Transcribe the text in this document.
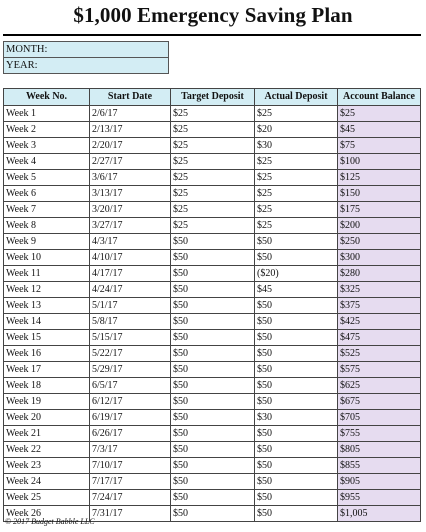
$1,000 Emergency Saving Plan
MONTH:
YEAR:
Week No.	Start Date	Target Deposit	Actual Deposit	Account Balance
Week 1	2/6/17	$25	$25	$25
Week 2	2/13/17	$25	$20	$45
Week 3	2/20/17	$25	$30	$75
Week 4	2/27/17	$25	$25	$100
Week 5	3/6/17	$25	$25	$125
Week 6	3/13/17	$25	$25	$150
Week 7	3/20/17	$25	$25	$175
Week 8	3/27/17	$25	$25	$200
Week 9	4/3/17	$50	$50	$250
Week 10	4/10/17	$50	$50	$300
Week 11	4/17/17	$50	($20)	$280
Week 12	4/24/17	$50	$45	$325
Week 13	5/1/17	$50	$50	$375
Week 14	5/8/17	$50	$50	$425
Week 15	5/15/17	$50	$50	$475
Week 16	5/22/17	$50	$50	$525
Week 17	5/29/17	$50	$50	$575
Week 18	6/5/17	$50	$50	$625
Week 19	6/12/17	$50	$50	$675
Week 20	6/19/17	$50	$30	$705
Week 21	6/26/17	$50	$50	$755
Week 22	7/3/17	$50	$50	$805
Week 23	7/10/17	$50	$50	$855
Week 24	7/17/17	$50	$50	$905
Week 25	7/24/17	$50	$50	$955
Week 26	7/31/17	$50	$50	$1,005
© 2017 Budget Babble LLC
